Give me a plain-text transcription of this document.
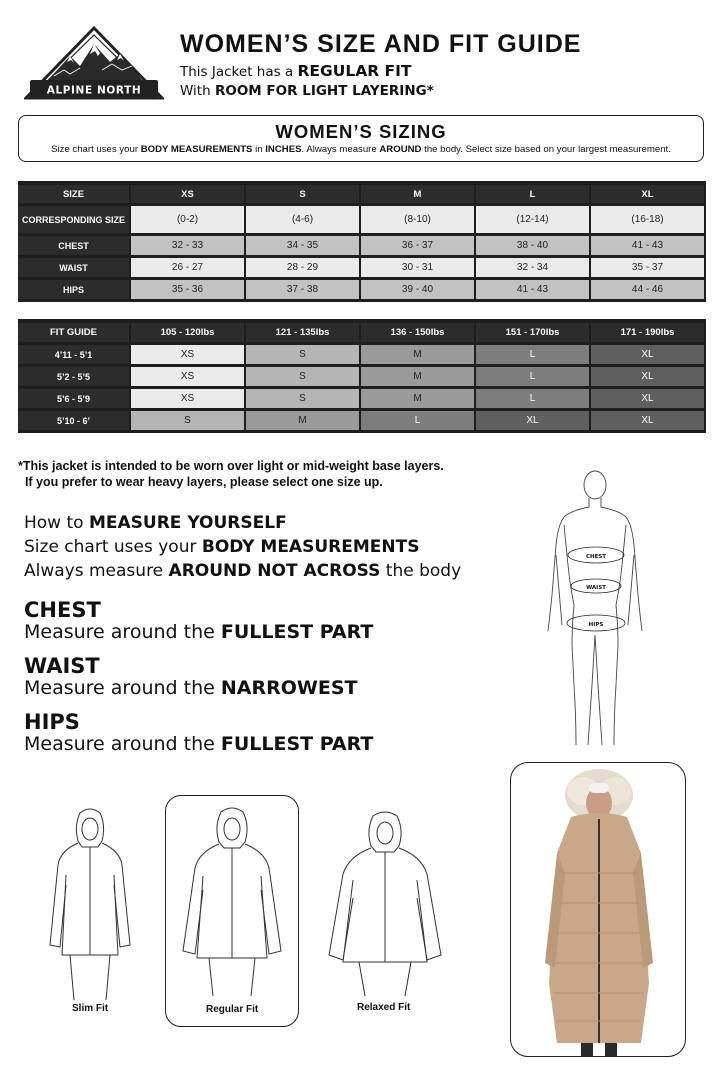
ALPINE NORTH
WOMEN’S SIZE AND FIT GUIDE
This Jacket has a REGULAR FIT
With ROOM FOR LIGHT LAYERING*
WOMEN’S SIZING
Size chart uses your BODY MEASUREMENTS in INCHES. Always measure AROUND the body. Select size based on your largest measurement.
SIZE	XS	S	M	L	XL
CORRESPONDING SIZE	(0-2)	(4-6)	(8-10)	(12-14)	(16-18)
CHEST	32 - 33	34 - 35	36 - 37	38 - 40	41 - 43
WAIST	26 - 27	28 - 29	30 - 31	32 - 34	35 - 37
HIPS	35 - 36	37 - 38	39 - 40	41 - 43	44 - 46
FIT GUIDE	105 - 120lbs	121 - 135lbs	136 - 150lbs	151 - 170lbs	171 - 190lbs
4’11 - 5’1	XS	S	M	L	XL
5’2 - 5’5	XS	S	M	L	XL
5’6 - 5’9	XS	S	M	L	XL
5’10 - 6’	S	M	L	XL	XL
*This jacket is intended to be worn over light or mid-weight base layers.
If you prefer to wear heavy layers, please select one size up.
How to MEASURE YOURSELF
Size chart uses your BODY MEASUREMENTS
Always measure AROUND NOT ACROSS the body
CHEST
Measure around the FULLEST PART
WAIST
Measure around the NARROWEST
HIPS
Measure around the FULLEST PART
CHEST
WAIST
HIPS
Slim Fit	Regular Fit	Relaxed Fit
